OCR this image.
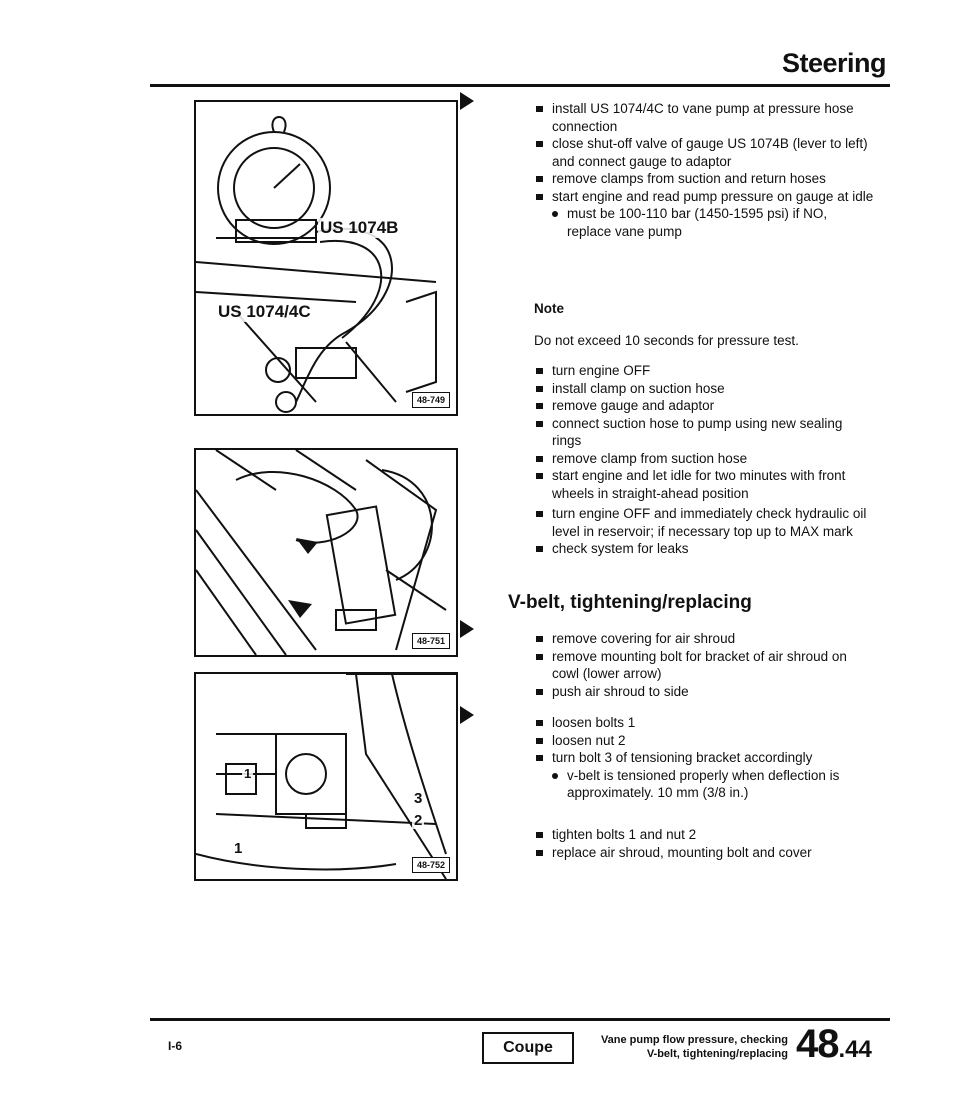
Steering
US 1074B
US 1074/4C
48-749
48-751
1
3
2
1
48-752
install US 1074/4C to vane pump at pressure hose connection
close shut-off valve of gauge US 1074B (lever to left) and connect gauge to adaptor
remove clamps from suction and return hoses
start engine and read pump pressure on gauge at idle
must be 100-110 bar (1450-1595 psi) if NO, replace vane pump

Note

Do not exceed 10 seconds for pressure test.

turn engine OFF
install clamp on suction hose
remove gauge and adaptor
connect suction hose to pump using new sealing rings
remove clamp from suction hose
start engine and let idle for two minutes with front wheels in straight-ahead position
turn engine OFF and immediately check hydraulic oil level in reservoir; if necessary top up to MAX mark
check system for leaks
V-belt, tightening/replacing
remove covering for air shroud
remove mounting bolt for bracket of air shroud on cowl (lower arrow)
push air shroud to side
loosen bolts 1
loosen nut 2
turn bolt 3 of tensioning bracket accordingly
v-belt is tensioned properly when deflection is approximately. 10 mm (3/8 in.)
tighten bolts 1 and nut 2
replace air shroud, mounting bolt and cover
I-6	Coupe	Vane pump flow pressure, checking
V-belt, tightening/replacing 48.44
